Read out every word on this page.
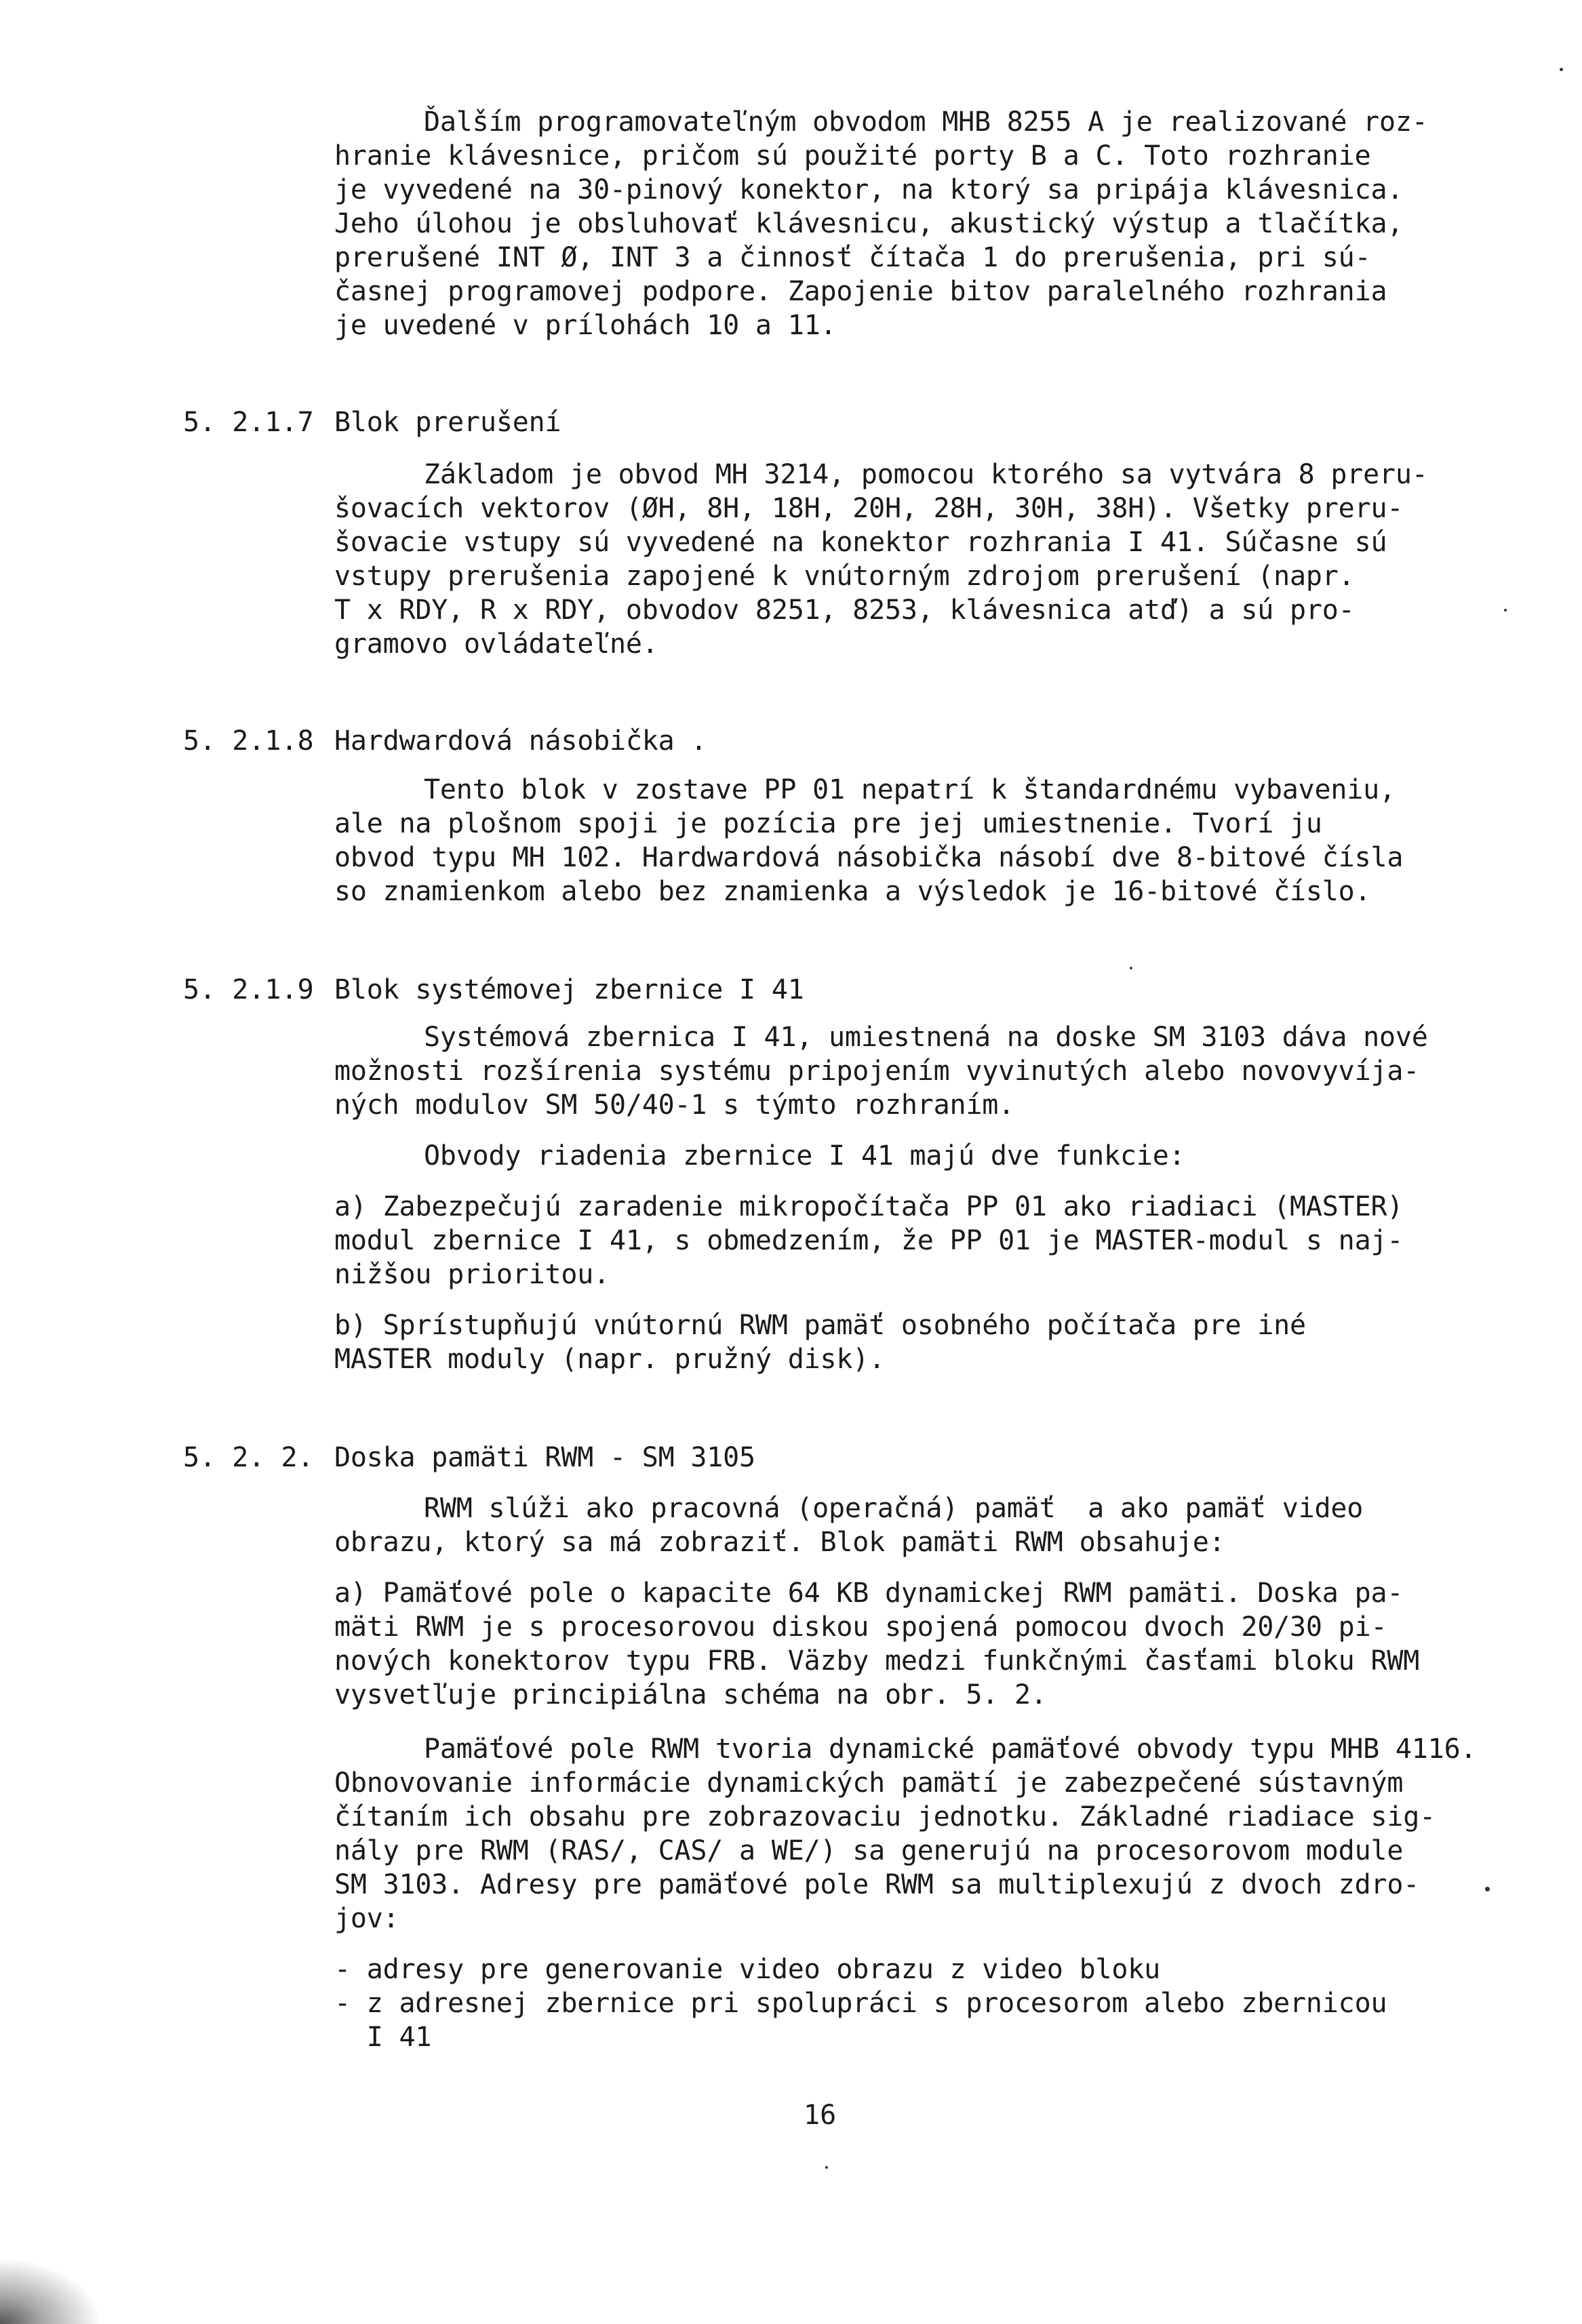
Ďalším programovateľným obvodom MHB 8255 A je realizované roz-
hranie klávesnice, pričom sú použité porty B a C. Toto rozhranie
je vyvedené na 30-pinový konektor, na ktorý sa pripája klávesnica.
Jeho úlohou je obsluhovať klávesnicu, akustický výstup a tlačítka,
prerušené INT Ø, INT 3 a činnosť čítača 1 do prerušenia, pri sú-
časnej programovej podpore. Zapojenie bitov paralelného rozhrania
je uvedené v prílohách 10 a 11.
5. 2.1.7 Blok prerušení
Základom je obvod MH 3214, pomocou ktorého sa vytvára 8 preru-
šovacích vektorov (ØH, 8H, 18H, 20H, 28H, 30H, 38H). Všetky preru-
šovacie vstupy sú vyvedené na konektor rozhrania I 41. Súčasne sú
vstupy prerušenia zapojené k vnútorným zdrojom prerušení (napr.
T x RDY, R x RDY, obvodov 8251, 8253, klávesnica atď) a sú pro-
gramovo ovládateľné.
5. 2.1.8 Hardwardová násobička .
Tento blok v zostave PP 01 nepatrí k štandardnému vybaveniu,
ale na plošnom spoji je pozícia pre jej umiestnenie. Tvorí ju
obvod typu MH 102. Hardwardová násobička násobí dve 8-bitové čísla
so znamienkom alebo bez znamienka a výsledok je 16-bitové číslo.
5. 2.1.9 Blok systémovej zbernice I 41
Systémová zbernica I 41, umiestnená na doske SM 3103 dáva nové
možnosti rozšírenia systému pripojením vyvinutých alebo novovyvíja-
ných modulov SM 50/40-1 s týmto rozhraním.
Obvody riadenia zbernice I 41 majú dve funkcie:
a) Zabezpečujú zaradenie mikropočítača PP 01 ako riadiaci (MASTER)
modul zbernice I 41, s obmedzením, že PP 01 je MASTER-modul s naj-
nižšou prioritou.
b) Sprístupňujú vnútornú RWM pamäť osobného počítača pre iné
MASTER moduly (napr. pružný disk).
5. 2. 2. Doska pamäti RWM - SM 3105
RWM slúži ako pracovná (operačná) pamäť  a ako pamäť video
obrazu, ktorý sa má zobraziť. Blok pamäti RWM obsahuje:
a) Pamäťové pole o kapacite 64 KB dynamickej RWM pamäti. Doska pa-
mäti RWM je s procesorovou diskou spojená pomocou dvoch 20/30 pi-
nových konektorov typu FRB. Väzby medzi funkčnými časťami bloku RWM
vysvetľuje principiálna schéma na obr. 5. 2.
Pamäťové pole RWM tvoria dynamické pamäťové obvody typu MHB 4116.
Obnovovanie informácie dynamických pamätí je zabezpečené sústavným
čítaním ich obsahu pre zobrazovaciu jednotku. Základné riadiace sig-
nály pre RWM (RAS/, CAS/ a WE/) sa generujú na procesorovom module
SM 3103. Adresy pre pamäťové pole RWM sa multiplexujú z dvoch zdro-
jov:
- adresy pre generovanie video obrazu z video bloku
- z adresnej zbernice pri spolupráci s procesorom alebo zbernicou
I 41
16
